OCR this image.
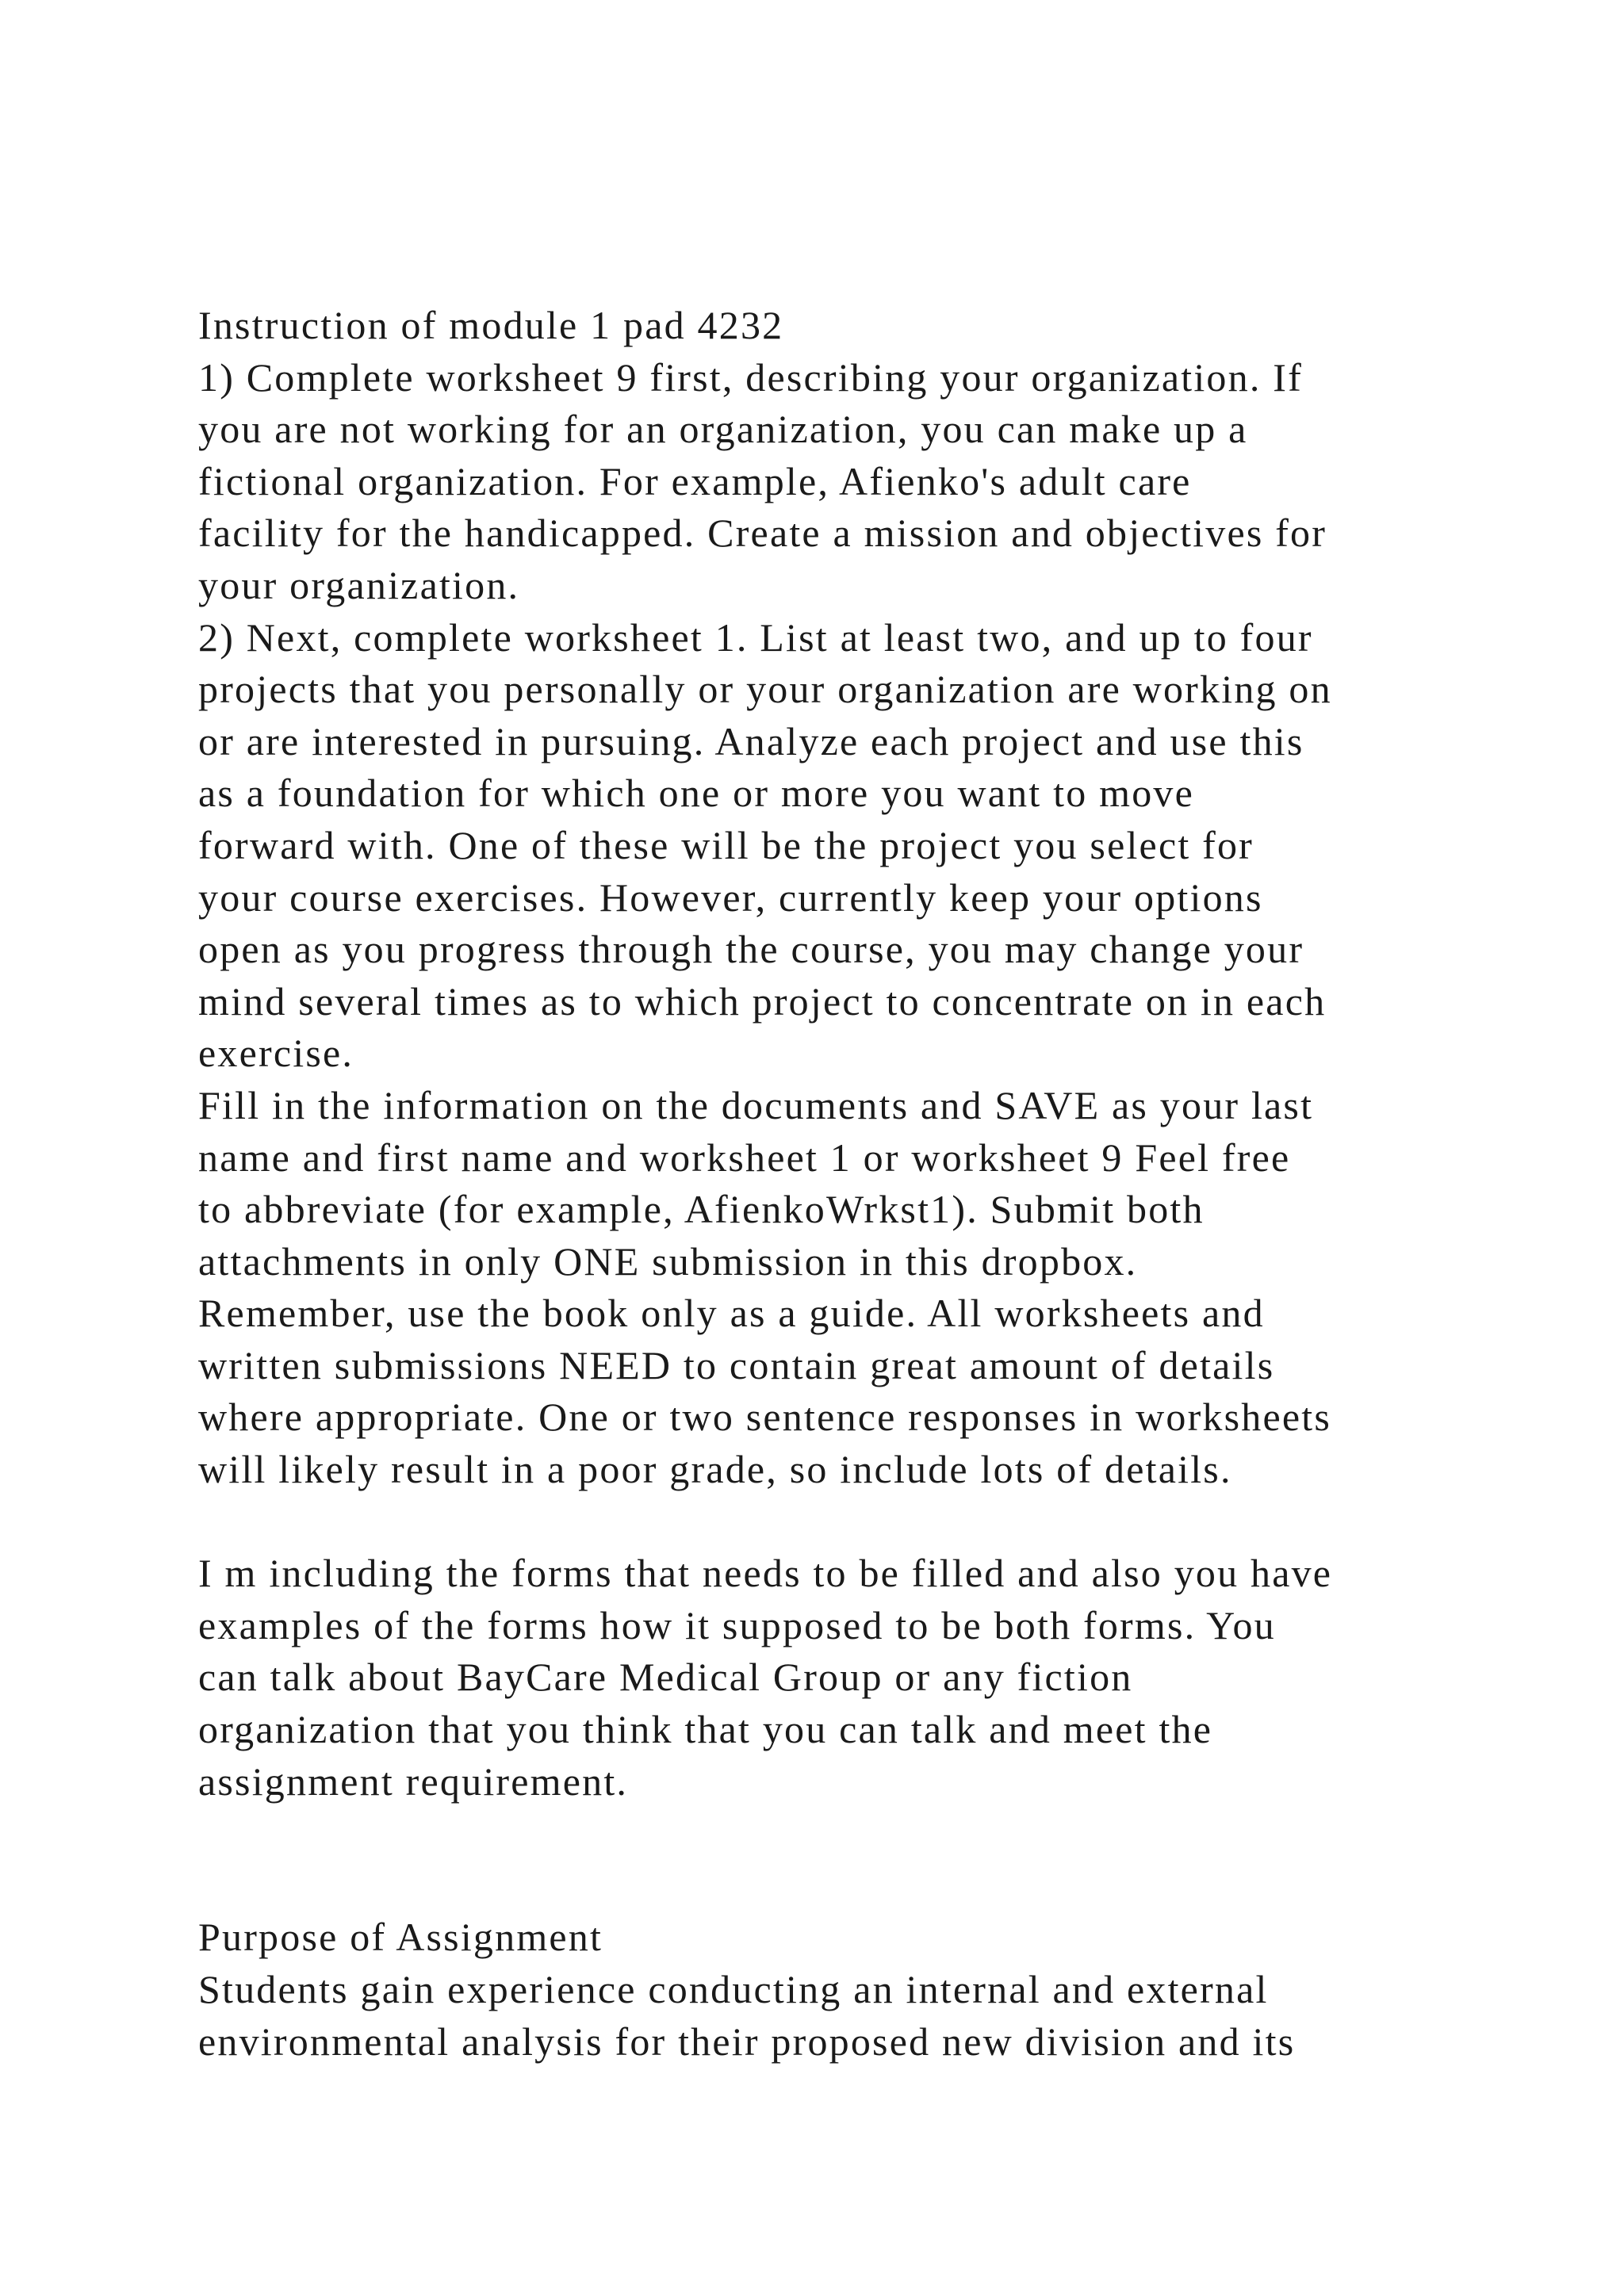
Instruction of module 1 pad 4232
1) Complete worksheet 9 first, describing your organization. If
you are not working for an organization, you can make up a
fictional organization. For example, Afienko's adult care
facility for the handicapped. Create a mission and objectives for
your organization.
2) Next, complete worksheet 1. List at least two, and up to four
projects that you personally or your organization are working on
or are interested in pursuing. Analyze each project and use this
as a foundation for which one or more you want to move
forward with. One of these will be the project you select for
your course exercises. However, currently keep your options
open as you progress through the course, you may change your
mind several times as to which project to concentrate on in each
exercise.
Fill in the information on the documents and SAVE as your last
name and first name and worksheet 1 or worksheet 9 Feel free
to abbreviate (for example, AfienkoWrkst1). Submit both
attachments in only ONE submission in this dropbox.
Remember, use the book only as a guide. All worksheets and
written submissions NEED to contain great amount of details
where appropriate. One or two sentence responses in worksheets
will likely result in a poor grade, so include lots of details.
I m including the forms that needs to be filled and also you have
examples of the forms how it supposed to be both forms. You
can talk about BayCare Medical Group or any fiction
organization that you think that you can talk and meet the
assignment requirement.
Purpose of Assignment
Students gain experience conducting an internal and external
environmental analysis for their proposed new division and its
